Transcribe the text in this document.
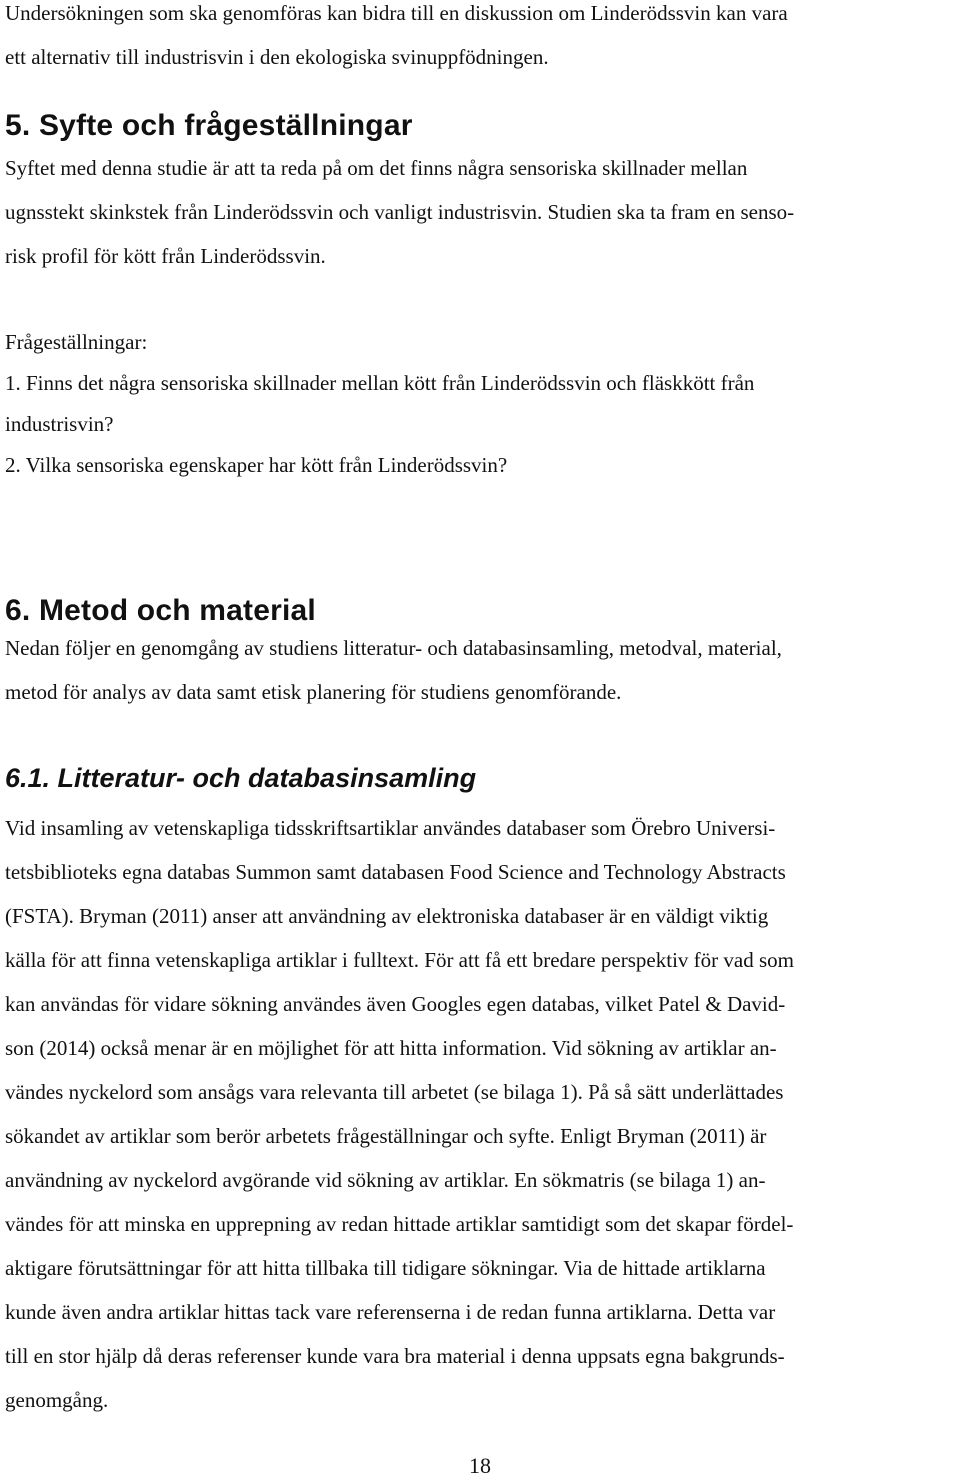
Undersökningen som ska genomföras kan bidra till en diskussion om Linderödssvin kan vara

ett alternativ till industrisvin i den ekologiska svinuppfödningen.

5. Syfte och frågeställningar

Syftet med denna studie är att ta reda på om det finns några sensoriska skillnader mellan

ugnsstekt skinkstek från Linderödssvin och vanligt industrisvin. Studien ska ta fram en senso-

risk profil för kött från Linderödssvin.

Frågeställningar:

1. Finns det några sensoriska skillnader mellan kött från Linderödssvin och fläskkött från

industrisvin?

2. Vilka sensoriska egenskaper har kött från Linderödssvin?

6. Metod och material

Nedan följer en genomgång av studiens litteratur- och databasinsamling, metodval, material,

metod för analys av data samt etisk planering för studiens genomförande.

6.1. Litteratur- och databasinsamling

Vid insamling av vetenskapliga tidsskriftsartiklar användes databaser som Örebro Universi-

tetsbiblioteks egna databas Summon samt databasen Food Science and Technology Abstracts

(FSTA). Bryman (2011) anser att användning av elektroniska databaser är en väldigt viktig

källa för att finna vetenskapliga artiklar i fulltext. För att få ett bredare perspektiv för vad som

kan användas för vidare sökning användes även Googles egen databas, vilket Patel & David-

son (2014) också menar är en möjlighet för att hitta information. Vid sökning av artiklar an-

vändes nyckelord som ansågs vara relevanta till arbetet (se bilaga 1). På så sätt underlättades

sökandet av artiklar som berör arbetets frågeställningar och syfte. Enligt Bryman (2011) är

användning av nyckelord avgörande vid sökning av artiklar. En sökmatris (se bilaga 1) an-

vändes för att minska en upprepning av redan hittade artiklar samtidigt som det skapar fördel-

aktigare förutsättningar för att hitta tillbaka till tidigare sökningar. Via de hittade artiklarna

kunde även andra artiklar hittas tack vare referenserna i de redan funna artiklarna. Detta var

till en stor hjälp då deras referenser kunde vara bra material i denna uppsats egna bakgrunds-

genomgång.

18
